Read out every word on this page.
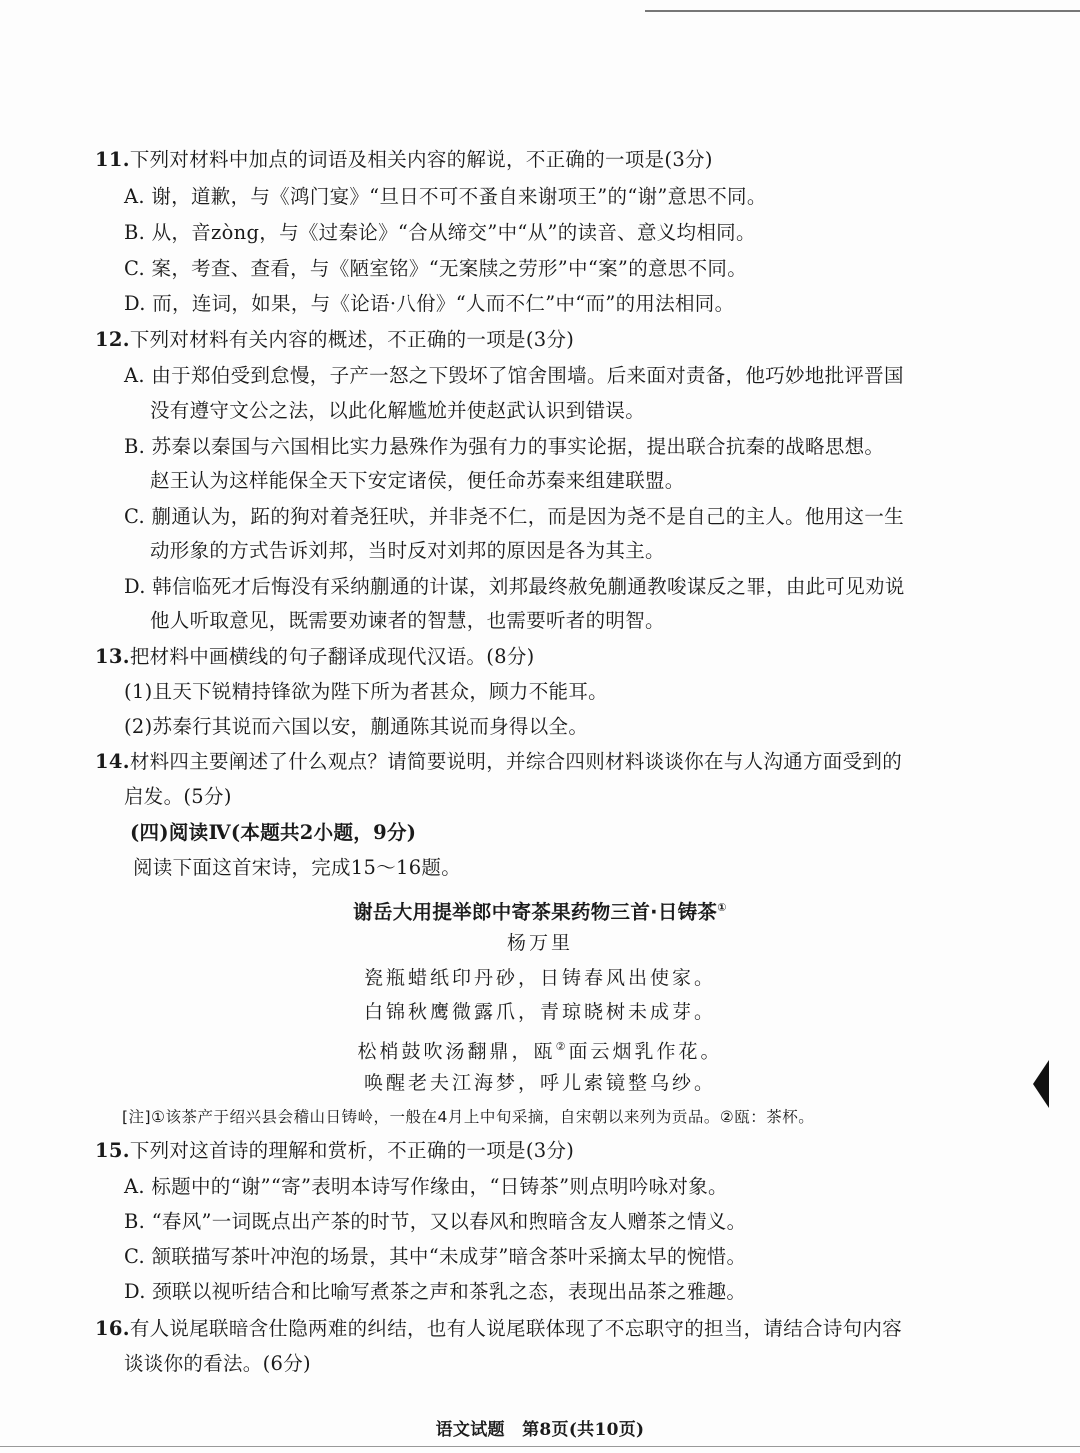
11.下列对材料中加点的词语及相关内容的解说，不正确的一项是(3分)
A. 谢，道歉，与《鸿门宴》“旦日不可不蚤自来谢项王”的“谢”意思不同。
B. 从，音zòng，与《过秦论》“合从缔交”中“从”的读音、意义均相同。
C. 案，考查、查看，与《陋室铭》“无案牍之劳形”中“案”的意思不同。
D. 而，连词，如果，与《论语·八佾》“人而不仁”中“而”的用法相同。
12.下列对材料有关内容的概述，不正确的一项是(3分)
A. 由于郑伯受到怠慢，子产一怒之下毁坏了馆舍围墙。后来面对责备，他巧妙地批评晋国
没有遵守文公之法，以此化解尴尬并使赵武认识到错误。
B. 苏秦以秦国与六国相比实力悬殊作为强有力的事实论据，提出联合抗秦的战略思想。
赵王认为这样能保全天下安定诸侯，便任命苏秦来组建联盟。
C. 蒯通认为，跖的狗对着尧狂吠，并非尧不仁，而是因为尧不是自己的主人。他用这一生
动形象的方式告诉刘邦，当时反对刘邦的原因是各为其主。
D. 韩信临死才后悔没有采纳蒯通的计谋，刘邦最终赦免蒯通教唆谋反之罪，由此可见劝说
他人听取意见，既需要劝谏者的智慧，也需要听者的明智。
13.把材料中画横线的句子翻译成现代汉语。(8分)
(1)且天下锐精持锋欲为陛下所为者甚众，顾力不能耳。
(2)苏秦行其说而六国以安，蒯通陈其说而身得以全。
14.材料四主要阐述了什么观点？请简要说明，并综合四则材料谈谈你在与人沟通方面受到的
启发。(5分)
(四)阅读Ⅳ(本题共2小题，9分)
阅读下面这首宋诗，完成15～16题。
谢岳大用提举郎中寄茶果药物三首·日铸茶①
杨万里
瓷瓶蜡纸印丹砂，日铸春风出使家。
白锦秋鹰微露爪，青琼晓树未成芽。
松梢鼓吹汤翻鼎，瓯②面云烟乳作花。
唤醒老夫江海梦，呼儿索镜整乌纱。
[注]①该茶产于绍兴县会稽山日铸岭，一般在4月上中旬采摘，自宋朝以来列为贡品。②瓯：茶杯。
15.下列对这首诗的理解和赏析，不正确的一项是(3分)
A. 标题中的“谢”“寄”表明本诗写作缘由，“日铸茶”则点明吟咏对象。
B. “春风”一词既点出产茶的时节，又以春风和煦暗含友人赠茶之情义。
C. 颔联描写茶叶冲泡的场景，其中“未成芽”暗含茶叶采摘太早的惋惜。
D. 颈联以视听结合和比喻写煮茶之声和茶乳之态，表现出品茶之雅趣。
16.有人说尾联暗含仕隐两难的纠结，也有人说尾联体现了不忘职守的担当，请结合诗句内容
谈谈你的看法。(6分)
语文试题　第8页(共10页)
